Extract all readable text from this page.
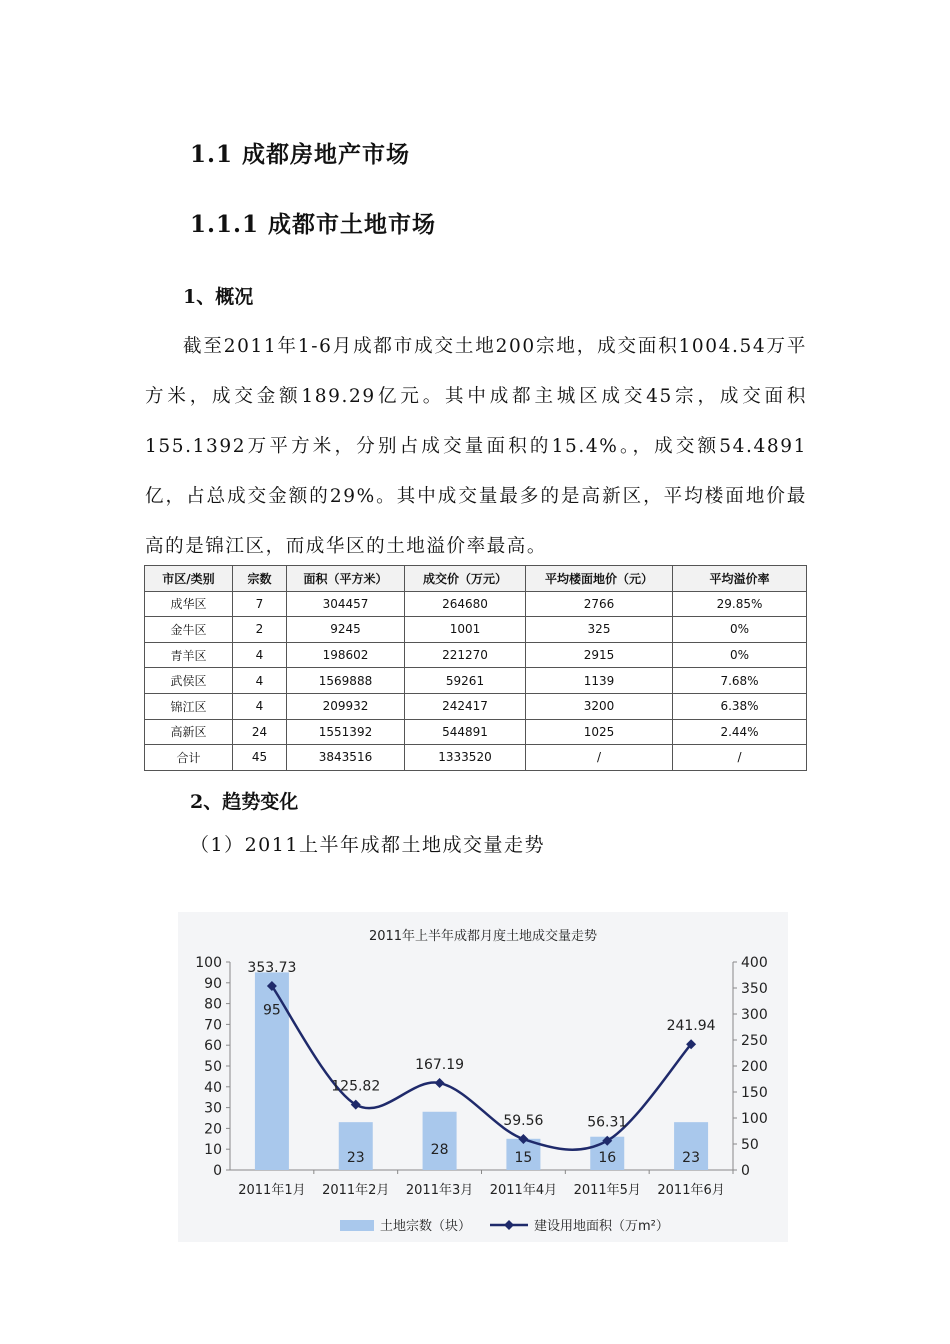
1.1 成都房地产市场
1.1.1 成都市土地市场
1、概况
截至2011年1-6月成都市成交土地200宗地，成交面积1004.54万平方米，成交金额189.29亿元。其中成都主城区成交45宗，成交面积155.1392万平方米，分别占成交量面积的15.4%。，成交额54.4891亿，占总成交金额的29%。其中成交量最多的是高新区，平均楼面地价最高的是锦江区，而成华区的土地溢价率最高。
市区/类别	宗数	面积（平方米）	成交价（万元）	平均楼面地价（元）	平均溢价率
成华区	7	304457	264680	2766	29.85%
金牛区	2	9245	1001	325	0%
青羊区	4	198602	221270	2915	0%
武侯区	4	1569888	59261	1139	7.68%
锦江区	4	209932	242417	3200	6.38%
高新区	24	1551392	544891	1025	2.44%
合计	45	3843516	1333520	/	/
2、趋势变化
（1）2011上半年成都土地成交量走势
2011年上半年成都月度土地成交量走势
0
10
20
30
40
50
60
70
80
90
100
0
50
100
150
200
250
300
350
400
95
23
28
15	16	23
2011年1月 2011年2月 2011年3月 2011年4月 2011年5月 2011年6月
353.73
125.82
167.19
59.56	56.31
241.94
土地宗数（块）	建设用地面积（万m²）
